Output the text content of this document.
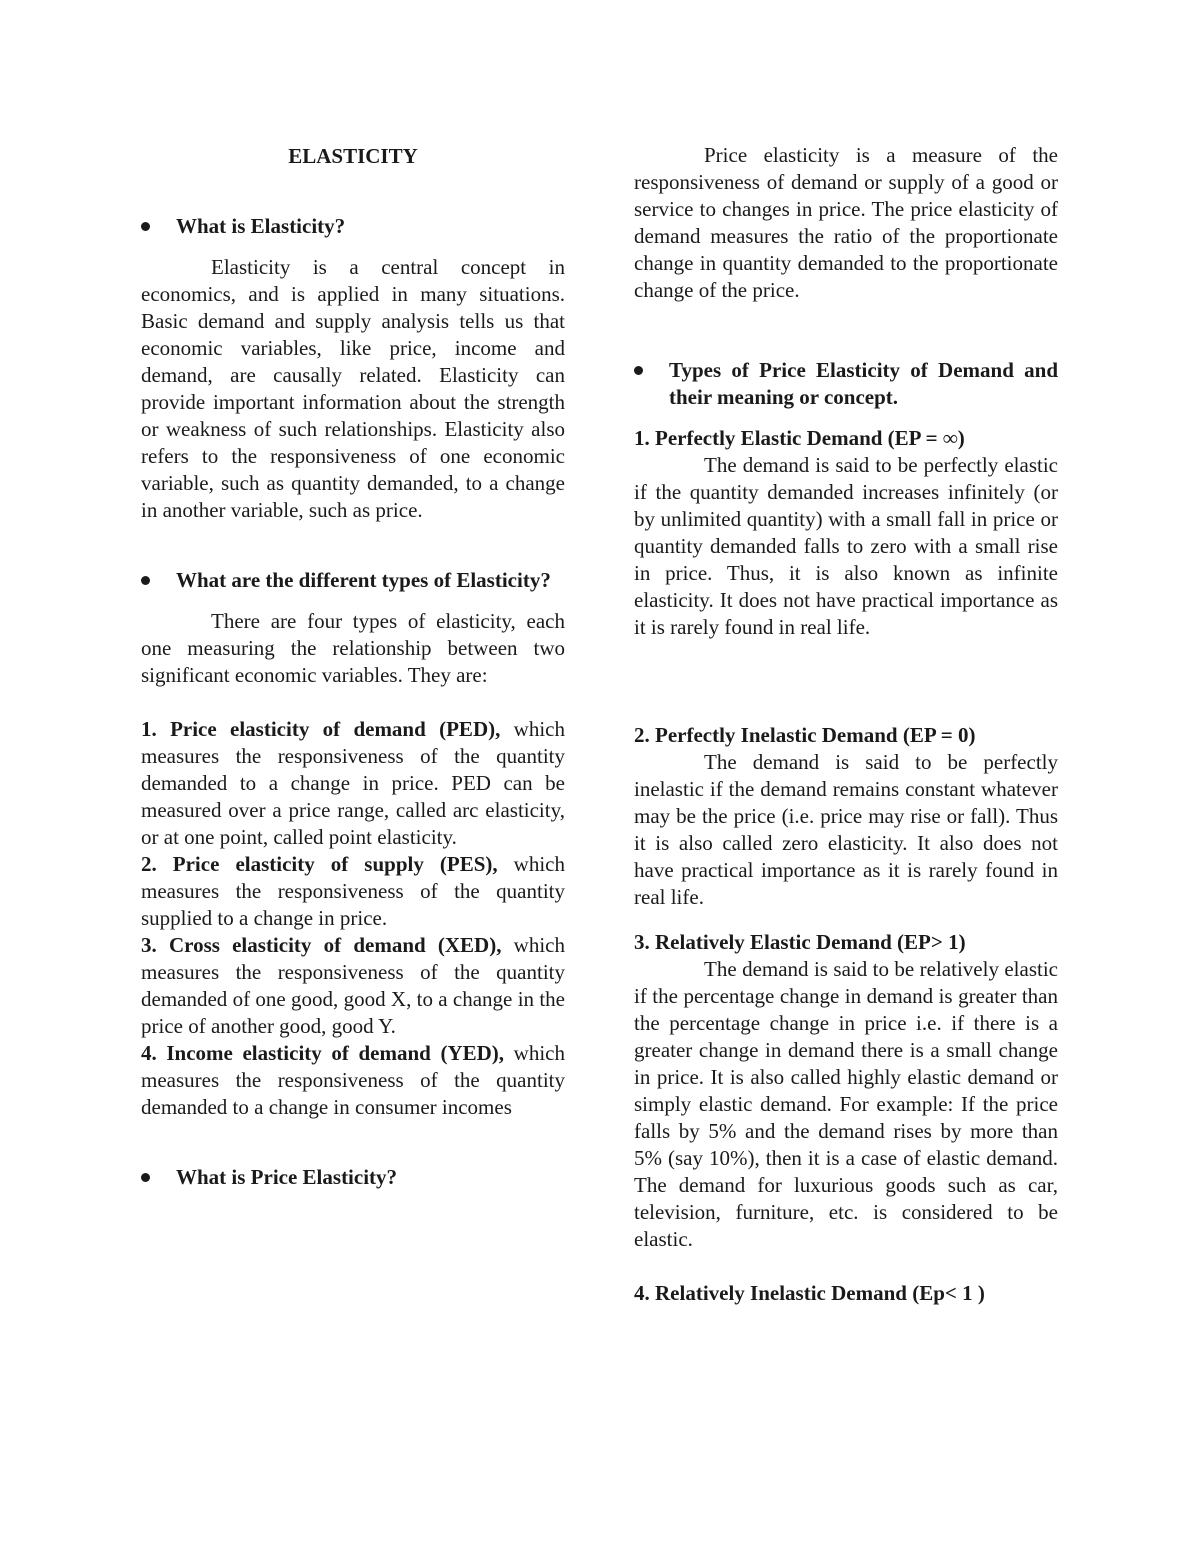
ELASTICITY

What is Elasticity?

Elasticity is a central concept in economics, and is applied in many situations. Basic demand and supply analysis tells us that economic variables, like price, income and demand, are causally related. Elasticity can provide important information about the strength or weakness of such relationships. Elasticity also refers to the responsiveness of one economic variable, such as quantity demanded, to a change in another variable, such as price.

What are the different types of Elasticity?

There are four types of elasticity, each one measuring the relationship between two significant economic variables. They are:

1. Price elasticity of demand (PED), which measures the responsiveness of the quantity demanded to a change in price. PED can be measured over a price range, called arc elasticity, or at one point, called point elasticity.

2. Price elasticity of supply (PES), which measures the responsiveness of the quantity supplied to a change in price.

3. Cross elasticity of demand (XED), which measures the responsiveness of the quantity demanded of one good, good X, to a change in the price of another good, good Y.

4. Income elasticity of demand (YED), which measures the responsiveness of the quantity demanded to a change in consumer incomes

What is Price Elasticity?

Price elasticity is a measure of the responsiveness of demand or supply of a good or service to changes in price. The price elasticity of demand measures the ratio of the proportionate change in quantity demanded to the proportionate change of the price.

Types of Price Elasticity of Demand and their meaning or concept.

1. Perfectly Elastic Demand (EP = ∞)

The demand is said to be perfectly elastic if the quantity demanded increases infinitely (or by unlimited quantity) with a small fall in price or quantity demanded falls to zero with a small rise in price. Thus, it is also known as infinite elasticity. It does not have practical importance as it is rarely found in real life.

2. Perfectly Inelastic Demand (EP = 0)

The demand is said to be perfectly inelastic if the demand remains constant whatever may be the price (i.e. price may rise or fall). Thus it is also called zero elasticity. It also does not have practical importance as it is rarely found in real life.

3. Relatively Elastic Demand (EP> 1)

The demand is said to be relatively elastic if the percentage change in demand is greater than the percentage change in price i.e. if there is a greater change in demand there is a small change in price. It is also called highly elastic demand or simply elastic demand. For example: If the price falls by 5% and the demand rises by more than 5% (say 10%), then it is a case of elastic demand. The demand for luxurious goods such as car, television, furniture, etc. is considered to be elastic.

4. Relatively Inelastic Demand (Ep< 1 )
